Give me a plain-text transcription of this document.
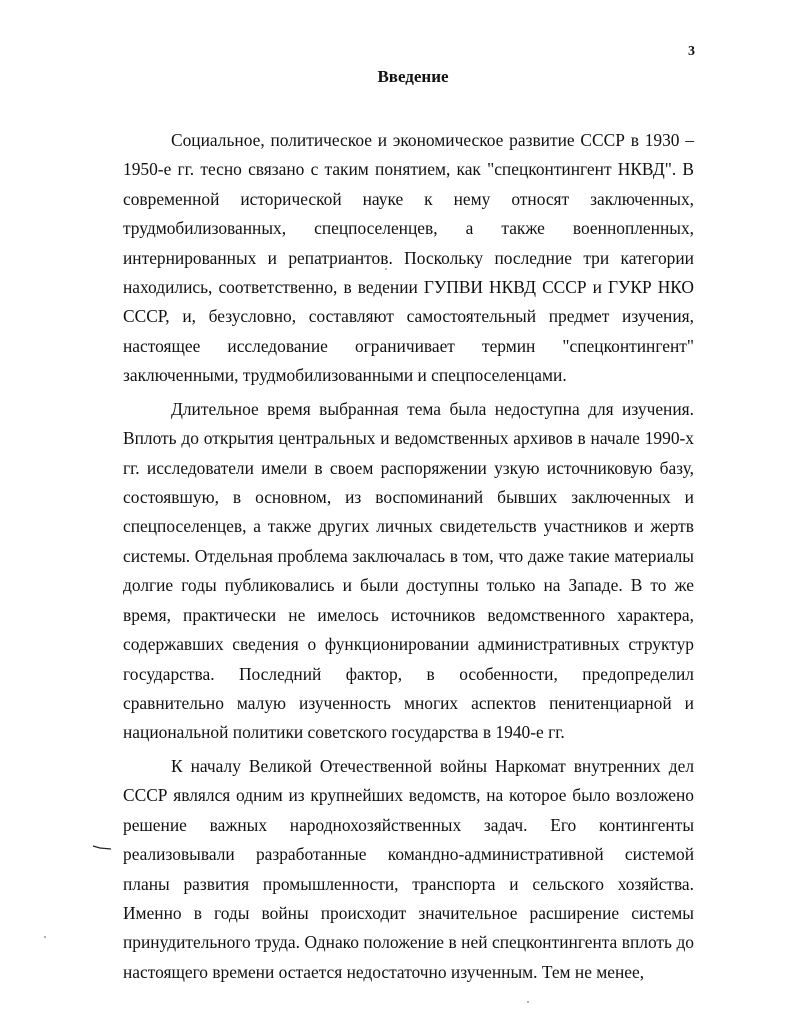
3
Введение

Социальное, политическое и экономическое развитие СССР в 1930 – 1950-е гг. тесно связано с таким понятием, как "спецконтингент НКВД". В современной исторической науке к нему относят заключенных, трудмобилизованных, спецпоселенцев, а также военнопленных, интернированных и репатриантов. Поскольку последние три категории находились, соответственно, в ведении ГУПВИ НКВД СССР и ГУКР НКО СССР, и, безусловно, составляют самостоятельный предмет изучения, настоящее исследование ограничивает термин "спецконтингент" заключенными, трудмобилизованными и спецпоселенцами.

Длительное время выбранная тема была недоступна для изучения. Вплоть до открытия центральных и ведомственных архивов в начале 1990-х гг. исследователи имели в своем распоряжении узкую источниковую базу, состоявшую, в основном, из воспоминаний бывших заключенных и спецпоселенцев, а также других личных свидетельств участников и жертв системы. Отдельная проблема заключалась в том, что даже такие материалы долгие годы публиковались и были доступны только на Западе. В то же время, практически не имелось источников ведомственного характера, содержавших сведения о функционировании административных структур государства. Последний фактор, в особенности, предопределил сравнительно малую изученность многих аспектов пенитенциарной и национальной политики советского государства в 1940-е гг.

К началу Великой Отечественной войны Наркомат внутренних дел СССР являлся одним из крупнейших ведомств, на которое было возложено решение важных народнохозяйственных задач. Его контингенты реализовывали разработанные командно-административной системой планы развития промышленности, транспорта и сельского хозяйства. Именно в годы войны происходит значительное расширение системы принудительного труда. Однако положение в ней спецконтингента вплоть до настоящего времени остается недостаточно изученным. Тем не менее,
